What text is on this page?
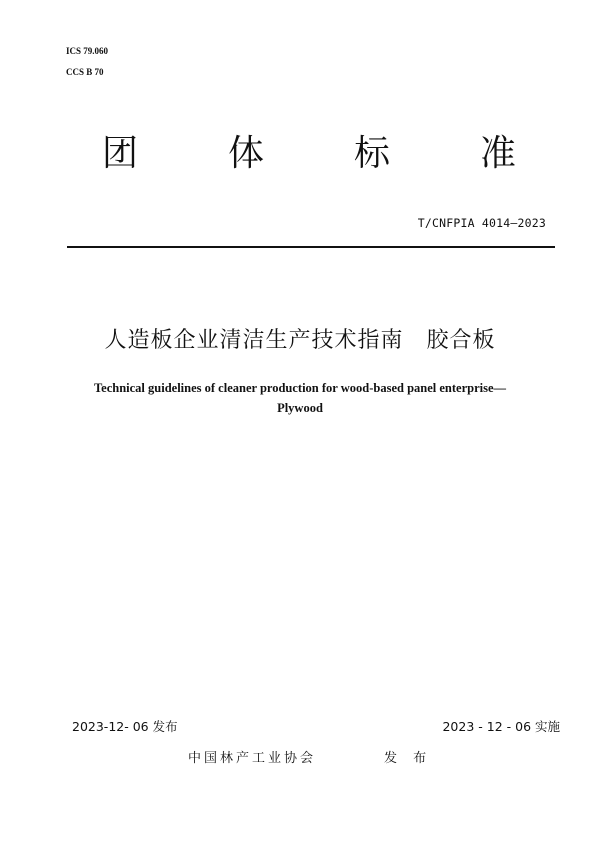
ICS 79.060
CCS B 70
团 体 标 准
T/CNFPIA 4014—2023
人造板企业清洁生产技术指南　胶合板
Technical guidelines of cleaner production for wood-based panel enterprise—
Plywood
2023-12- 06 发布	2023 - 12 - 06 实施
中国林产工业协会	发 布
